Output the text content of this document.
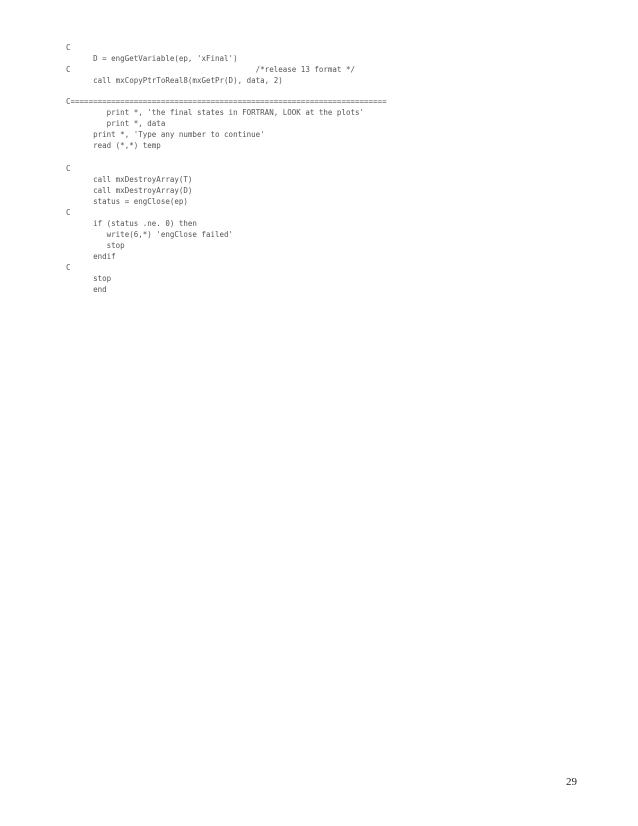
C
D = engGetVariable(ep, 'xFinal')
C                                         /*release 13 format */
call mxCopyPtrToReal8(mxGetPr(D), data, 2)
C======================================================================
print *, 'the final states in FORTRAN, LOOK at the plots'
print *, data
print *, 'Type any number to continue'
read (*,*) temp
C
call mxDestroyArray(T)
call mxDestroyArray(D)
status = engClose(ep)
C
if (status .ne. 0) then
write(6,*) 'engClose failed'
stop
endif
C
stop
end
29
